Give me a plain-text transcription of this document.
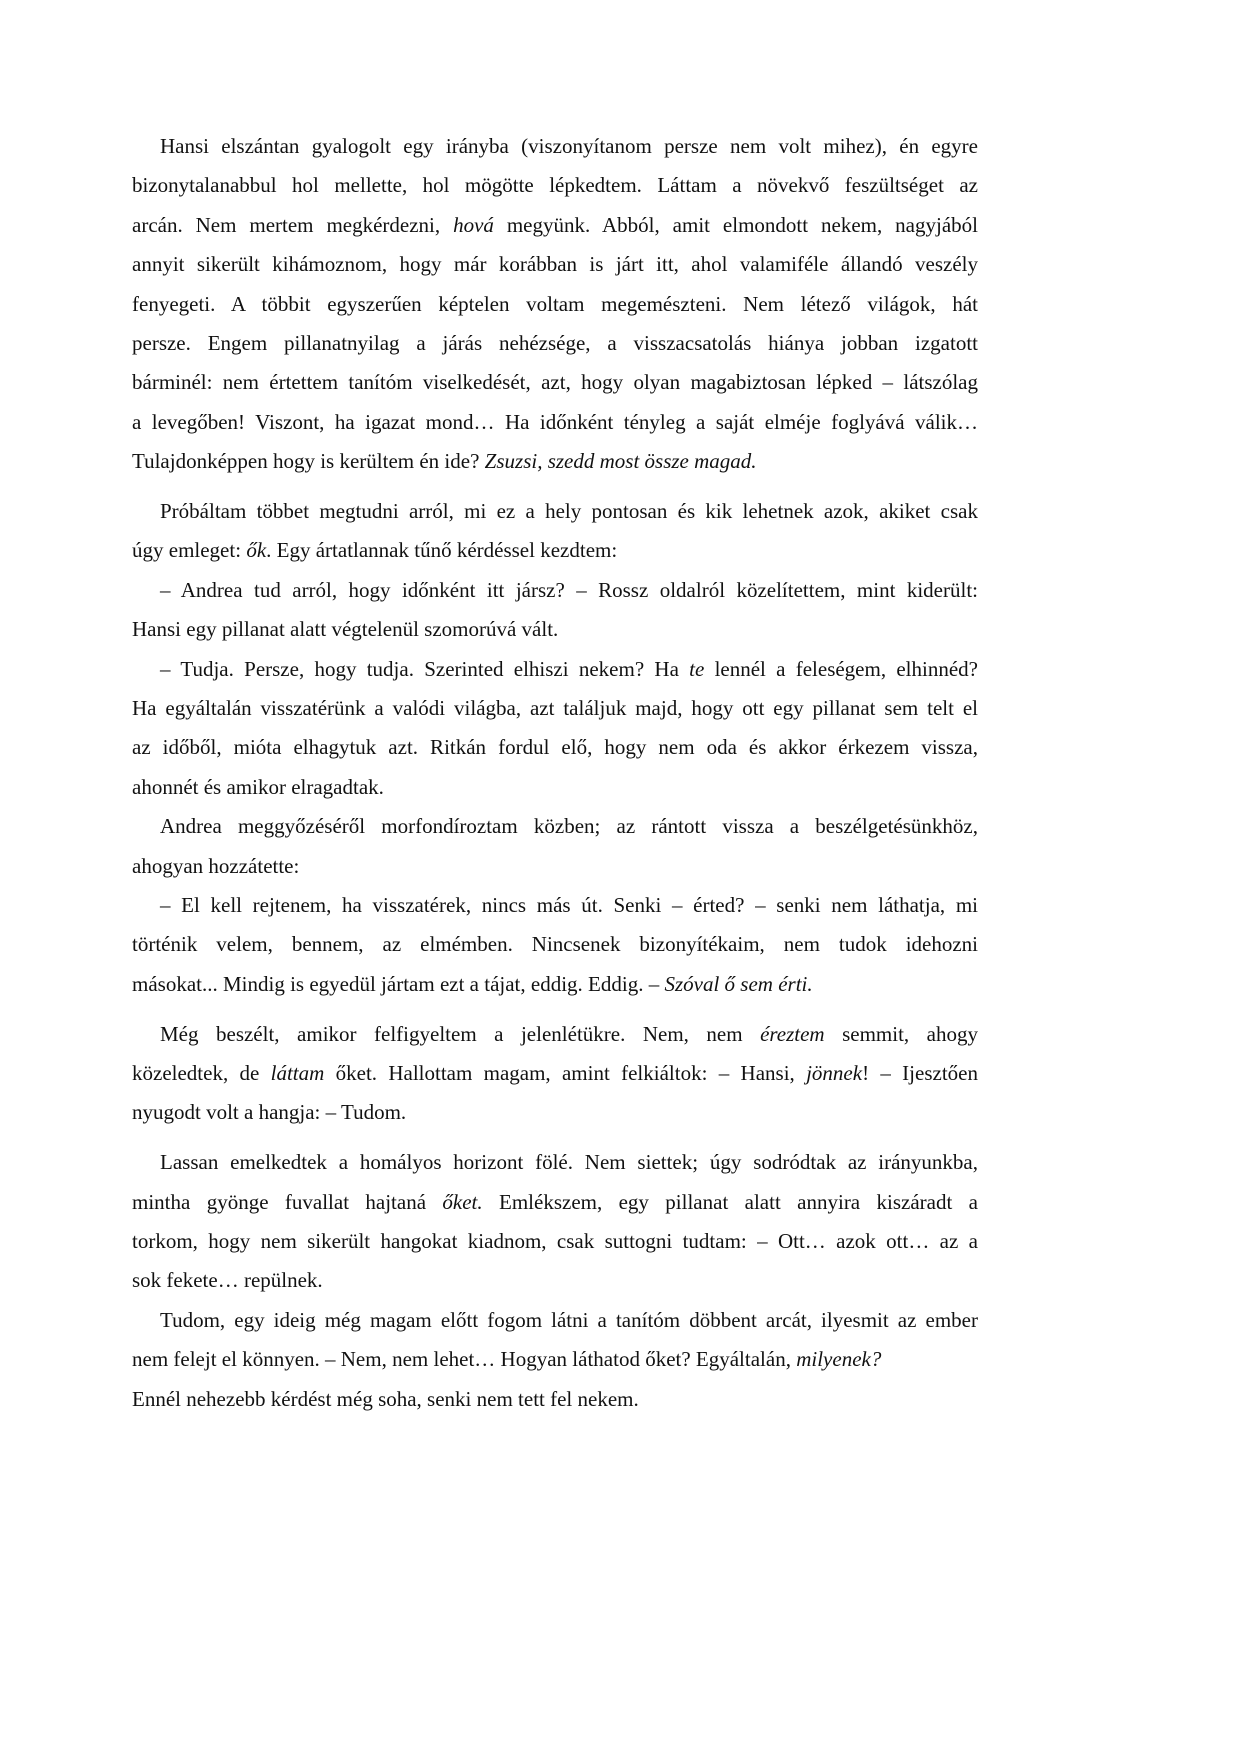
Hansi elszántan gyalogolt egy irányba (viszonyítanom persze nem volt mihez), én egyre
bizonytalanabbul hol mellette, hol mögötte lépkedtem. Láttam a növekvő feszültséget az
arcán. Nem mertem megkérdezni, hová megyünk. Abból, amit elmondott nekem, nagyjából
annyit sikerült kihámoznom, hogy már korábban is járt itt, ahol valamiféle állandó veszély
fenyegeti. A többit egyszerűen képtelen voltam megemészteni. Nem létező világok, hát
persze. Engem pillanatnyilag a járás nehézsége, a visszacsatolás hiánya jobban izgatott
bárminél: nem értettem tanítóm viselkedését, azt, hogy olyan magabiztosan lépked – látszólag
a levegőben! Viszont, ha igazat mond… Ha időnként tényleg a saját elméje foglyává válik…
Tulajdonképpen hogy is kerültem én ide? Zsuzsi, szedd most össze magad.
Próbáltam többet megtudni arról, mi ez a hely pontosan és kik lehetnek azok, akiket csak
úgy emleget: ők. Egy ártatlannak tűnő kérdéssel kezdtem:
– Andrea tud arról, hogy időnként itt jársz? – Rossz oldalról közelítettem, mint kiderült:
Hansi egy pillanat alatt végtelenül szomorúvá vált.
– Tudja. Persze, hogy tudja. Szerinted elhiszi nekem? Ha te lennél a feleségem, elhinnéd?
Ha egyáltalán visszatérünk a valódi világba, azt találjuk majd, hogy ott egy pillanat sem telt el
az időből, mióta elhagytuk azt. Ritkán fordul elő, hogy nem oda és akkor érkezem vissza,
ahonnét és amikor elragadtak.
Andrea meggyőzéséről morfondíroztam közben; az rántott vissza a beszélgetésünkhöz,
ahogyan hozzátette:
– El kell rejtenem, ha visszatérek, nincs más út. Senki – érted? – senki nem láthatja, mi
történik velem, bennem, az elmémben. Nincsenek bizonyítékaim, nem tudok idehozni
másokat... Mindig is egyedül jártam ezt a tájat, eddig. Eddig. – Szóval ő sem érti.
Még beszélt, amikor felfigyeltem a jelenlétükre. Nem, nem éreztem semmit, ahogy
közeledtek, de láttam őket. Hallottam magam, amint felkiáltok: – Hansi, jönnek! – Ijesztően
nyugodt volt a hangja: – Tudom.
Lassan emelkedtek a homályos horizont fölé. Nem siettek; úgy sodródtak az irányunkba,
mintha gyönge fuvallat hajtaná őket. Emlékszem, egy pillanat alatt annyira kiszáradt a
torkom, hogy nem sikerült hangokat kiadnom, csak suttogni tudtam: – Ott… azok ott… az a
sok fekete… repülnek.
Tudom, egy ideig még magam előtt fogom látni a tanítóm döbbent arcát, ilyesmit az ember
nem felejt el könnyen. – Nem, nem lehet… Hogyan láthatod őket? Egyáltalán, milyenek?
Ennél nehezebb kérdést még soha, senki nem tett fel nekem.
